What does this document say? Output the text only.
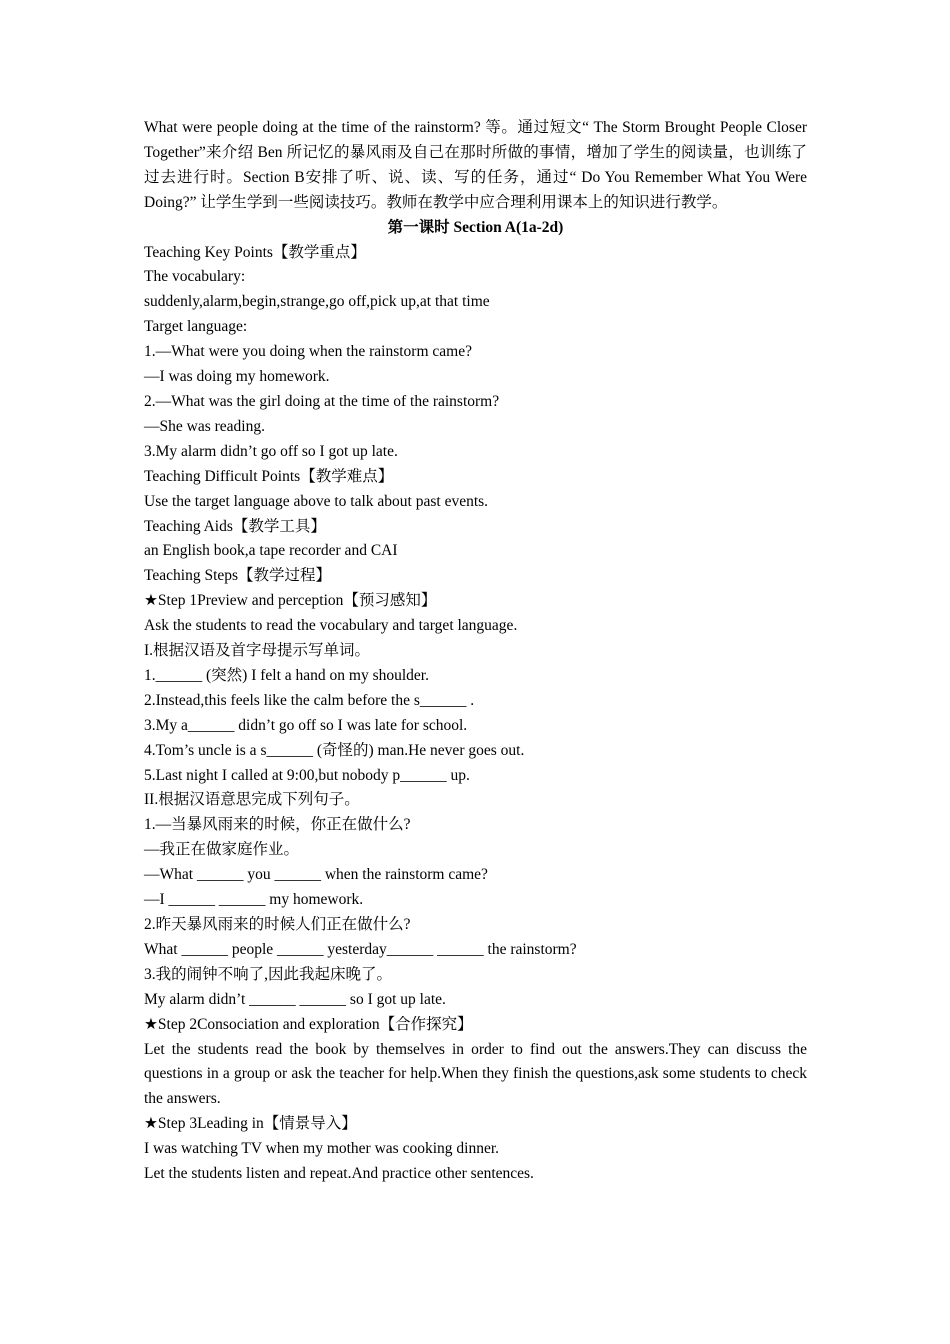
What were people doing at the time of the rainstorm? 等。通过短文“ The Storm Brought People Closer Together”来介绍 Ben 所记忆的暴风雨及自己在那时所做的事情，增加了学生的阅读量，也训练了过去进行时。Section B安排了听、说、读、写的任务，通过“ Do You Remember What You Were Doing?” 让学生学到一些阅读技巧。教师在教学中应合理利用课本上的知识进行教学。

第一课时 Section A(1a-2d)

Teaching Key Points【教学重点】

The vocabulary:

suddenly,alarm,begin,strange,go off,pick up,at that time

Target language:

1.—What were you doing when the rainstorm came?

—I was doing my homework.

2.—What was the girl doing at the time of the rainstorm?

—She was reading.

3.My alarm didn’t go off so I got up late.

Teaching Difficult Points【教学难点】

Use the target language above to talk about past events.

Teaching Aids【教学工具】

an English book,a tape recorder and CAI

Teaching Steps【教学过程】

★Step 1Preview and perception【预习感知】

Ask the students to read the vocabulary and target language.

I.根据汉语及首字母提示写单词。

1.______ (突然) I felt a hand on my shoulder.

2.Instead,this feels like the calm before the s______ .

3.My a______ didn’t go off so I was late for school.

4.Tom’s uncle is a s______ (奇怪的) man.He never goes out.

5.Last night I called at 9:00,but nobody p______ up.

II.根据汉语意思完成下列句子。

1.—当暴风雨来的时候，你正在做什么?

—我正在做家庭作业。

—What ______ you ______ when the rainstorm came?

—I ______ ______ my homework.

2.昨天暴风雨来的时候人们正在做什么?

What ______ people ______ yesterday______ ______ the rainstorm?

3.我的闹钟不响了,因此我起床晚了。

My alarm didn’t ______ ______ so I got up late.

★Step 2Consociation and exploration【合作探究】

Let the students read the book by themselves in order to find out the answers.They can discuss the questions in a group or ask the teacher for help.When they finish the questions,ask some students to check the answers.

★Step 3Leading in【情景导入】

I was watching TV when my mother was cooking dinner.

Let the students listen and repeat.And practice other sentences.
